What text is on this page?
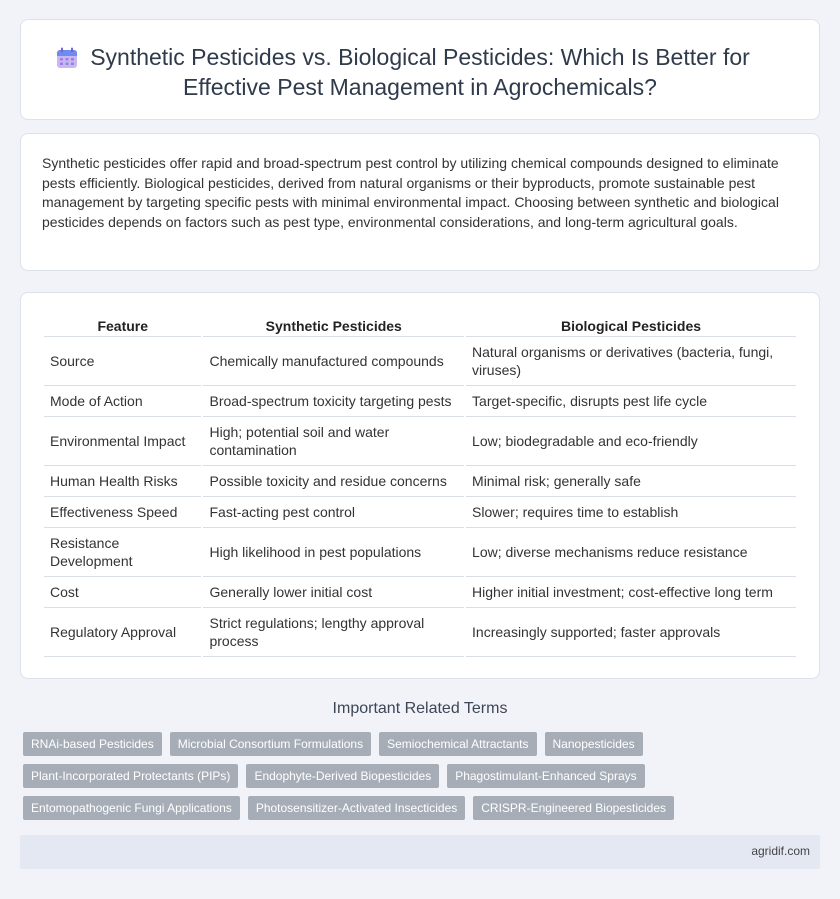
Synthetic Pesticides vs. Biological Pesticides: Which Is Better for
Effective Pest Management in Agrochemicals?

Synthetic pesticides offer rapid and broad-spectrum pest control by utilizing chemical compounds designed to eliminate pests efficiently. Biological pesticides, derived from natural organisms or their byproducts, promote sustainable pest management by targeting specific pests with minimal environmental impact. Choosing between synthetic and biological pesticides depends on factors such as pest type, environmental considerations, and long-term agricultural goals.

Feature	Synthetic Pesticides	Biological Pesticides
Source	Chemically manufactured compounds	Natural organisms or derivatives (bacteria, fungi, viruses)
Mode of Action	Broad-spectrum toxicity targeting pests	Target-specific, disrupts pest life cycle
Environmental Impact	High; potential soil and water contamination	Low; biodegradable and eco-friendly
Human Health Risks	Possible toxicity and residue concerns	Minimal risk; generally safe
Effectiveness Speed	Fast-acting pest control	Slower; requires time to establish
Resistance Development	High likelihood in pest populations	Low; diverse mechanisms reduce resistance
Cost	Generally lower initial cost	Higher initial investment; cost-effective long term
Regulatory Approval	Strict regulations; lengthy approval process	Increasingly supported; faster approvals
Important Related Terms
RNAi-based Pesticides	Microbial Consortium Formulations	Semiochemical Attractants	Nanopesticides
Plant-Incorporated Protectants (PIPs)	Endophyte-Derived Biopesticides	Phagostimulant-Enhanced Sprays
Entomopathogenic Fungi Applications	Photosensitizer-Activated Insecticides	CRISPR-Engineered Biopesticides
agridif.com
